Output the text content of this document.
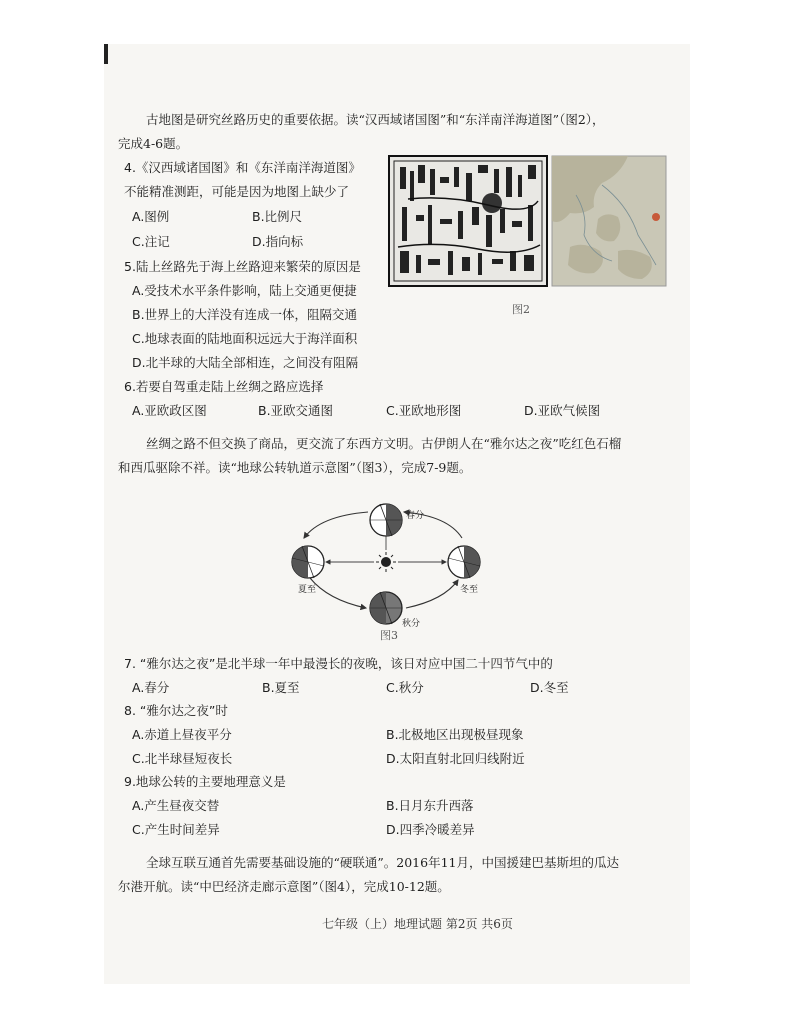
古地图是研究丝路历史的重要依据。读“汉西域诸国图”和“东洋南洋海道图”（图2），
完成4-6题。
4.《汉西域诸国图》和《东洋南洋海道图》
不能精准测距，可能是因为地图上缺少了
A.图例	B.比例尺
C.注记	D.指向标
5.陆上丝路先于海上丝路迎来繁荣的原因是
A.受技术水平条件影响，陆上交通更便捷
B.世界上的大洋没有连成一体，阻隔交通
C.地球表面的陆地面积远远大于海洋面积
D.北半球的大陆全部相连，之间没有阻隔
图2
6.若要自驾重走陆上丝绸之路应选择
A.亚欧政区图	B.亚欧交通图	C.亚欧地形图	D.亚欧气候图
丝绸之路不但交换了商品，更交流了东西方文明。古伊朗人在“雅尔达之夜”吃红色石榴
和西瓜驱除不祥。读“地球公转轨道示意图”（图3），完成7-9题。
春分
夏至	冬至
秋分
图3
7. “雅尔达之夜”是北半球一年中最漫长的夜晚，该日对应中国二十四节气中的
A.春分	B.夏至	C.秋分	D.冬至
8. “雅尔达之夜”时
A.赤道上昼夜平分	B.北极地区出现极昼现象
C.北半球昼短夜长	D.太阳直射北回归线附近
9.地球公转的主要地理意义是
A.产生昼夜交替	B.日月东升西落
C.产生时间差异	D.四季冷暖差异
全球互联互通首先需要基础设施的“硬联通”。2016年11月，中国援建巴基斯坦的瓜达
尔港开航。读“中巴经济走廊示意图”（图4），完成10-12题。
七年级（上）地理试题 第2页 共6页
